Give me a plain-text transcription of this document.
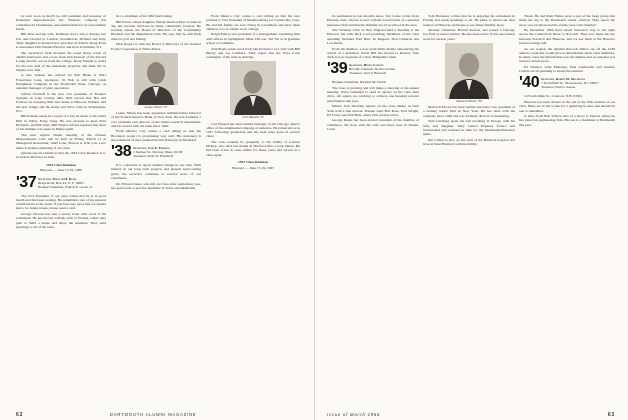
in town soon as they'll be still president and treasurer of Industrial Reproductions, Inc. Warren's company has completed its Cleanliness, and underwritten for two investment funds.

Bill Ross and his wife, Kathleen, had a trip to Europe last fall, and traveled to London, Scandinavia, Holland and Italy. Their daughter is married now and lives in Zurich. Doug Frost is associated with Western Electric and lives in Summit, N.J.

Our secretary's mail includes the usual heavy batch of alumni fund news and a note from Jack Pearson of the Second Lodge directly across from the village. Doug Fennell is ready for the new half of the retirement program, and finds life in Naples to be fine.

A new address has arrived for Bob Blake at 2021 Forestview Lane, Glenview, Ill. Bob is still with Clark Equipment Company in the Production Plant. Chicago, as assistant manager of plant operations.

Gilbert Frohloff is the new vice president of Frontier Systems in Lake County. Mrs. Hall reports that Hal and Frances are enjoying their new home at Hanover, Indiana, and the new bridge and the Army and Navy Club in Washington, D.C.

Bill Kunsen sends in a report of a trip he made to the Guild Hall in Valley Forge Song. He was pleased to meet Fred Richards, and Bill Jules. Phil Wentworth has reported that most of his summer was spent in Maine again.

The next regular dinner meeting of the Eastern Massachusetts Club will be held on Friday, March 11 at Dukeguard Restaurant, Stuff Lane, Boston at 6:30 p.m. Let's make it another gathering of our class.

Annual reports remind us that the 1934 Class Reunion is to be held in Hanover in June.

1934 Class Reunion

Hanover — June 13-19, 1966

'37 Secretary, William H. Keyes
Ridge Road, Box 44, N. Y. 10005
Bequest Chairman, Francis E. Lyons, Jr.

The Vice President of our class writes that he is in good health and has been reading. He remembers one of his greatest contributions to the team. If you have any news that we should know for future issues, please send a card.

George Stevens has sent a newsy letter with word of his retirement. He has moved with his wife to Florida, where they plan to build a house and enjoy the sunshine. They send greetings to all of the class.

be co-chairman of its 1966 fund raising.

Bill Eaton, whose daughter Wendy married Peter Conner in '64, has become involved in many community projects. He recently joined the Board of Directors of the Community Hospital and the Republican Club. He says that he still finds time for golf and fishing.

Dick Rogers is with the Board of Directors of the General Foods Corporation at White Plains.

Lamar Nilson '37

Lamar Nilson has been appointed Administrative Director of the Federal Reserve Bank of New York. He was formerly a vice president and director of the bank's research department, and has served with the bank since 1946.

From Mexico City comes a card telling us that the Brockport project is progressing very well. His stationery is the letterhead of the Canadian Pacific Railways in Montreal.

'38 Secretary, John E. Emerson
1 Sumner St., Newton, Mass. 02158
Treasurer, Peter W. Ernsdorff

It is a pleasure to report another change in our class. With interest in our long term projects and general fund raising goals, the secretary continues to receive news of our classmates.

Dr. Edward Jones, who left our class after sophomore year, has gone back to practice medicine in Texas and Oklahoma.

From Mexico City comes a card telling us that his new position is Vice President of Manufacturing for Canada Dry Corp. He and his family are now living in Larchmont and have three children, two of whom are in college.

Ralph Ellis is vice president of a management consulting firm with offices in Springfield, Mass. His son, Ted '64, is in graduate school at Columbia.

Tom Boyle sends word from San Francisco of a visit with Bill Hurley and Joe Lombard. They report that the West Coast contingent of the class is thriving.

Carl Hassett '37

Carl Hassett has been named manager of the Chicago district office of the Aluminum Company of America. He joined Alcoa in 1937 following graduation and has held sales posts in several cities.

The class extends its sympathy to the family of Gordon McKay, who died last month in Hartford after a long illness. He had been active in class affairs for many years and served as a class agent.

1937 Class Reunion

Hanover — June 13-19, 1967

62	DARTMOUTH ALUMNI MAGAZINE

be nominated in last month's news. Ted Crane writes from Phoenix, Ariz., that he is now with the local branch of a national insurance firm and that his children are all in school in the area.

The Vermont Club of New England held a meeting at the Hanover Inn with Dick Lord presiding. Members of the class attending included Fred Burr, Al Ruppert, Don Cameron and Lou Kerns.

From the mailbox: a note from Wells Kelley announcing the arrival of a grandson; Norm Hill has moved to Denver; Stan Tuck is now treasurer of a New Hampshire bank.

'39 Secretary, Henry Conklin
Box 98, Caldwell, North Carolina
Treasurer, Jean V. Hancock

Bequest Chairman, Richard M. Welch

The class is growing and will make a showing at the annual meeting. We're reminded to send in reports on the class fund drive. All agents are working to achieve one hundred percent participation this year.

Dinner Jack Sheridan reports on the class dinner in New York with a fine turnout. Present were Bob Ross, Tom Wright, Ed Carey and Walt Hale, along with several wives.

George Deane has been elected president of his chamber of commerce. He lives with his wife and three sons in Darien, Conn.

Tom Hennessy writes that he is enjoying his retirement in Florida and sends greetings to all. He plans to attend our next reunion in Hanover and hopes to see many familiar faces.

Another classmate, Harold Stewart, has joined a Chicago law firm as senior partner. He has been active in bar association work for several years.

Maxwell Moore '39

Maxwell Moore has been named executive vice president of a leading textile firm in New York. He has been with the company since 1946 and was formerly director of marketing.

Walt Lindberg spent the fall traveling in Europe with his wife and daughter. They visited England, France and Switzerland and returned in time for the Dartmouth-Princeton game.

Jim Cullen is now on the staff of the Hartford hospital and lives in West Hartford with his family.

Thorn. He and Ruth Elaine were a part of the large group that made the trip to the Dartmouth winter carnival. They report the snow was excellent and the events were well attended.

By December 1966 fund raised Sarasota's way to the right across the Connecticut River to Norwich. They now make the trip between Norwich and Hanover, and we see them at the Hanover Green looking well.

As our request the Alumni Records Office cut off the 1939 address cards that would give us information about class members. In many cases the information was incomplete and we ask that you send us current news.

Ed Wallace, John Mahoney, Paul Lanfranchi and Andrew Collins are all planning to attend the reunion.

'40 Secretary, Robert M. Macmillen
1 North Bath St., Moorestown, N.J. 08057
Treasurer, Paul G. Keene

14 North Main St., Concord, N.H. 03301

Hanover has been chosen as the site of the 25th reunion of our class. Plans are in the works for a gathering in June that should be one to remember.

A letter from Bob Wilson tells of a move to Denver where he has joined an engineering firm. His son is a freshman at Dartmouth this year.

Issue of March 1966	63
